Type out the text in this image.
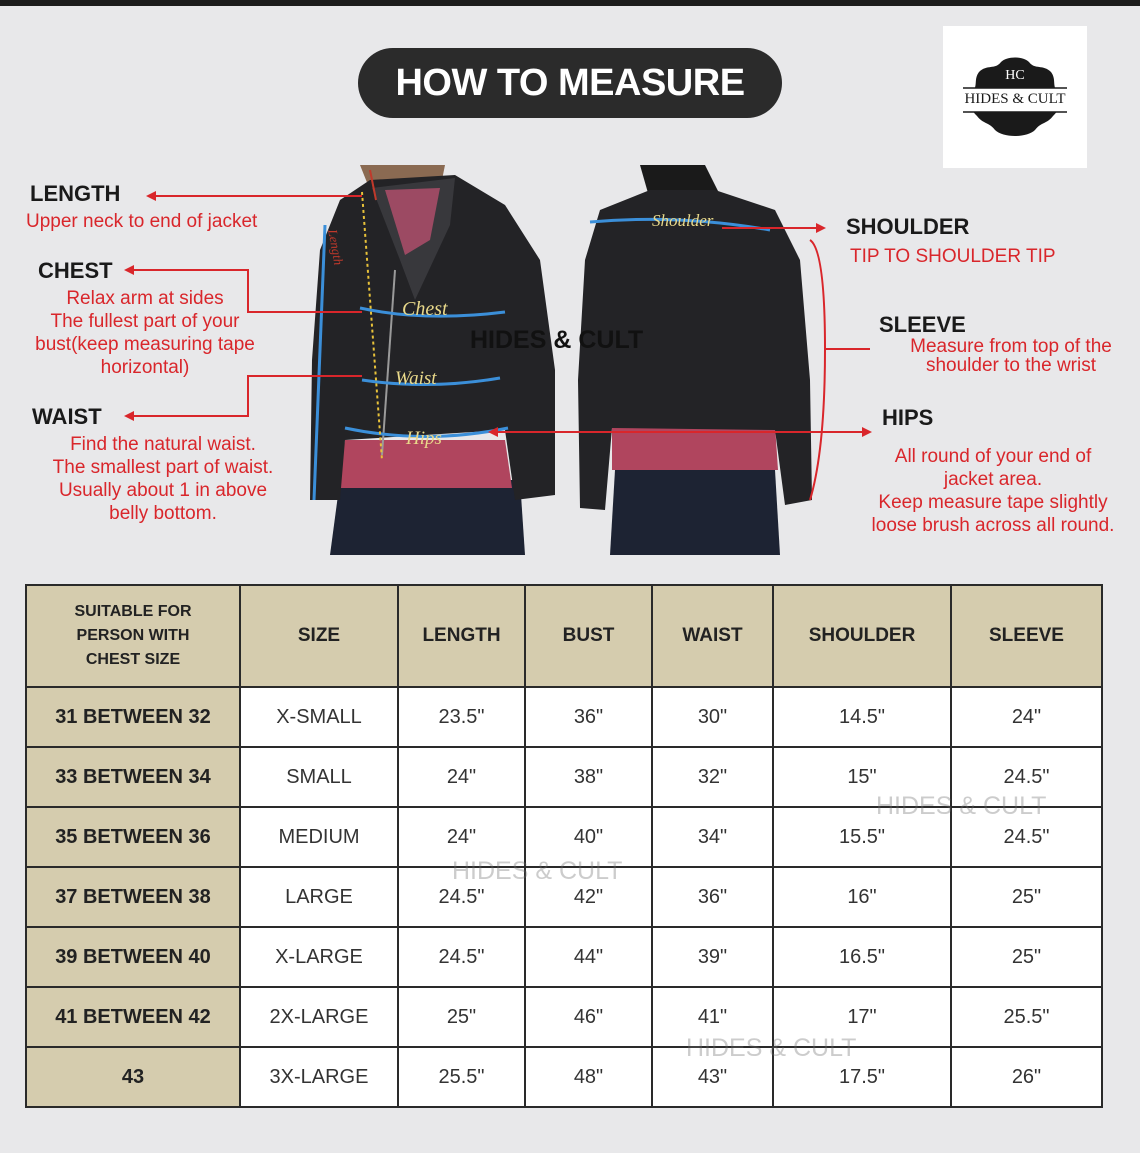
HOW TO MEASURE	HC
HIDES & CULT
Chest
Waist
Hips
Shoulder
Length
HIDES & CULT
LENGTH
Upper neck to end of jacket
CHEST
Relax arm at sides
The fullest part of your
bust(keep measuring tape
horizontal)
WAIST
Find the natural waist.
The smallest part of waist.
Usually about 1 in above
belly bottom.
SHOULDER
TIP TO SHOULDER TIP
SLEEVE
Measure from top of the
shoulder to the wrist
HIPS
All round of your end of
jacket area.
Keep measure tape slightly
loose brush across all round.
SUITABLE FOR
PERSON WITH
CHEST SIZE	SIZE	LENGTH	BUST	WAIST	SHOULDER	SLEEVE
31 BETWEEN 32	X-SMALL	23.5"	36"	30"	14.5"	24"
33 BETWEEN 34	SMALL	24"	38"	32"	15"	24.5"
35 BETWEEN 36	MEDIUM	24"	40"	34"	15.5"	24.5"
37 BETWEEN 38	LARGE	24.5"	42"	36"	16"	25"
39 BETWEEN 40	X-LARGE	24.5"	44"	39"	16.5"	25"
41 BETWEEN 42	2X-LARGE	25"	46"	41"	17"	25.5"
43	3X-LARGE	25.5"	48"	43"	17.5"	26"
HIDES & CULT
HIDES & CULT
HIDES & CULT
